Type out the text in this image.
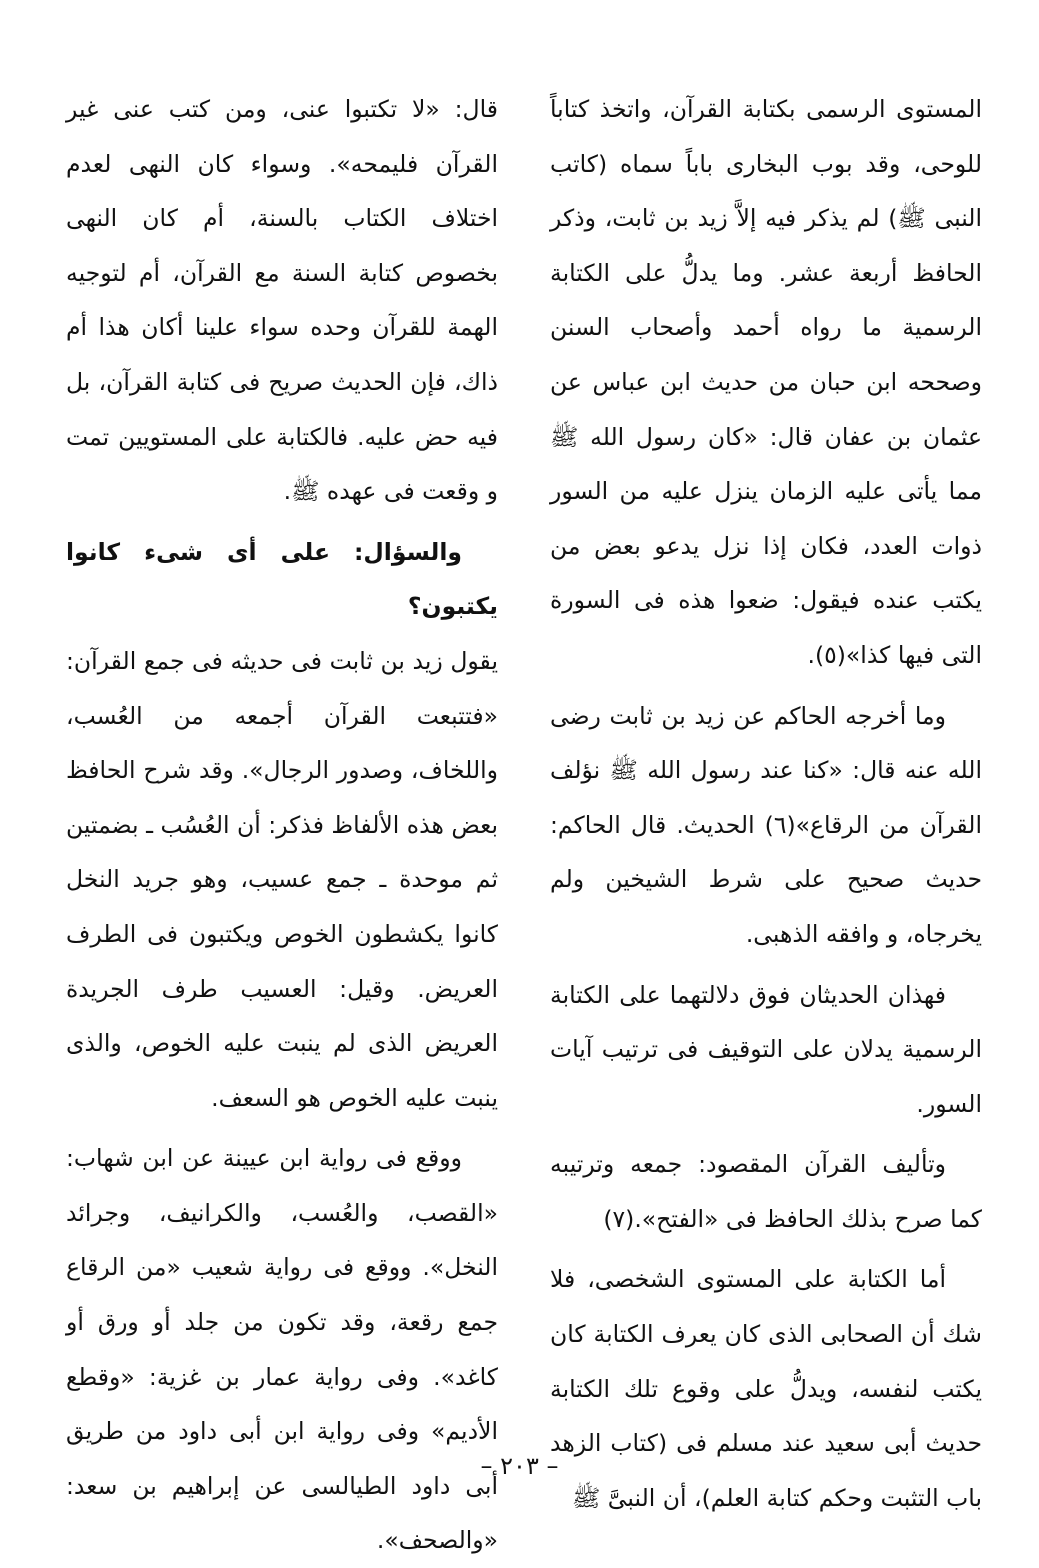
المستوى الرسمى بكتابة القرآن، واتخذ كتاباً للوحى، وقد بوب البخارى باباً سماه (كاتب النبى ﷺ) لم يذكر فيه إلاَّ زيد بن ثابت، وذكر الحافظ أربعة عشر. وما يدلُّ على الكتابة الرسمية ما رواه أحمد وأصحاب السنن وصححه ابن حبان من حديث ابن عباس عن عثمان بن عفان قال: «كان رسول الله ﷺ مما يأتى عليه الزمان ينزل عليه من السور ذوات العدد، فكان إذا نزل يدعو بعض من يكتب عنده فيقول: ضعوا هذه فى السورة التى فيها كذا»(٥).

وما أخرجه الحاكم عن زيد بن ثابت رضى الله عنه قال: «كنا عند رسول الله ﷺ نؤلف القرآن من الرقاع»(٦) الحديث. قال الحاكم: حديث صحيح على شرط الشيخين ولم يخرجاه، و وافقه الذهبى.

فهذان الحديثان فوق دلالتهما على الكتابة الرسمية يدلان على التوقيف فى ترتيب آيات السور.

وتأليف القرآن المقصود: جمعه وترتيبه كما صرح بذلك الحافظ فى «الفتح».(٧)

أما الكتابة على المستوى الشخصى، فلا شك أن الصحابى الذى كان يعرف الكتابة كان يكتب لنفسه، ويدلُّ على وقوع تلك الكتابة حديث أبى سعيد عند مسلم فى (كتاب الزهد باب التثبت وحكم كتابة العلم)، أن النبىَّ ﷺ

قال: «لا تكتبوا عنى، ومن كتب عنى غير القرآن فليمحه». وسواء كان النهى لعدم اختلاف الكتاب بالسنة، أم كان النهى بخصوص كتابة السنة مع القرآن، أم لتوجيه الهمة للقرآن وحده سواء علينا أكان هذا أم ذاك، فإن الحديث صريح فى كتابة القرآن، بل فيه حض عليه. فالكتابة على المستويين تمت و وقعت فى عهده ﷺ.

والسؤال: على أى شىء كانوا يكتبون؟

يقول زيد بن ثابت فى حديثه فى جمع القرآن: «فتتبعت القرآن أجمعه من العُسب، واللخاف، وصدور الرجال». وقد شرح الحافظ بعض هذه الألفاظ فذكر: أن العُسُب ـ بضمتين ثم موحدة ـ جمع عسيب، وهو جريد النخل كانوا يكشطون الخوص ويكتبون فى الطرف العريض. وقيل: العسيب طرف الجريدة العريض الذى لم ينبت عليه الخوص، والذى ينبت عليه الخوص هو السعف.

ووقع فى رواية ابن عيينة عن ابن شهاب: «القصب، والعُسب، والكرانيف، وجرائد النخل». ووقع فى رواية شعيب «من الرقاع جمع رقعة، وقد تكون من جلد أو ورق أو كاغد». وفى رواية عمار بن غزية: «وقطع الأديم» وفى رواية ابن أبى داود من طريق أبى داود الطيالسى عن إبراهيم بن سعد: «والصحف».

– ٢٠٣ –
